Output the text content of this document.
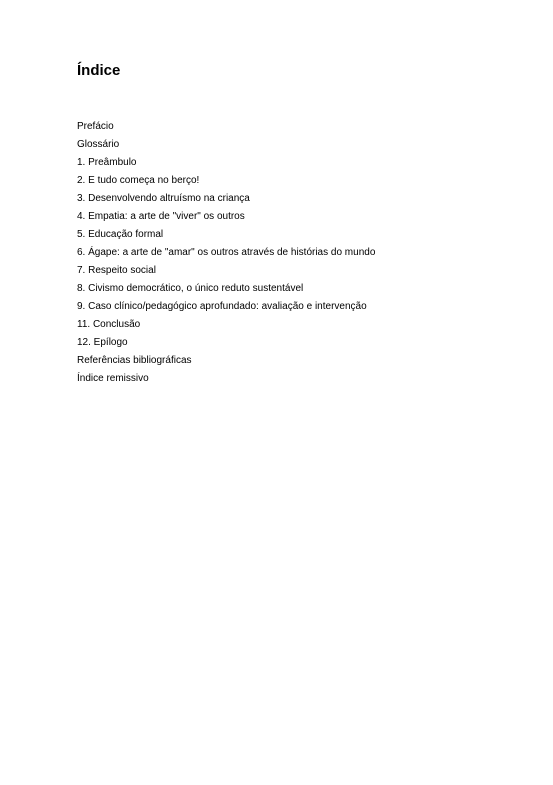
Índice
Prefácio
Glossário
1. Preâmbulo
2. E tudo começa no berço!
3. Desenvolvendo altruísmo na criança
4. Empatia: a arte de "viver" os outros
5. Educação formal
6. Ágape: a arte de "amar" os outros através de histórias do mundo
7. Respeito social
8. Civismo democrático, o único reduto sustentável
9. Caso clínico/pedagógico aprofundado: avaliação e intervenção
11. Conclusão
12. Epílogo
Referências bibliográficas
Índice remissivo
